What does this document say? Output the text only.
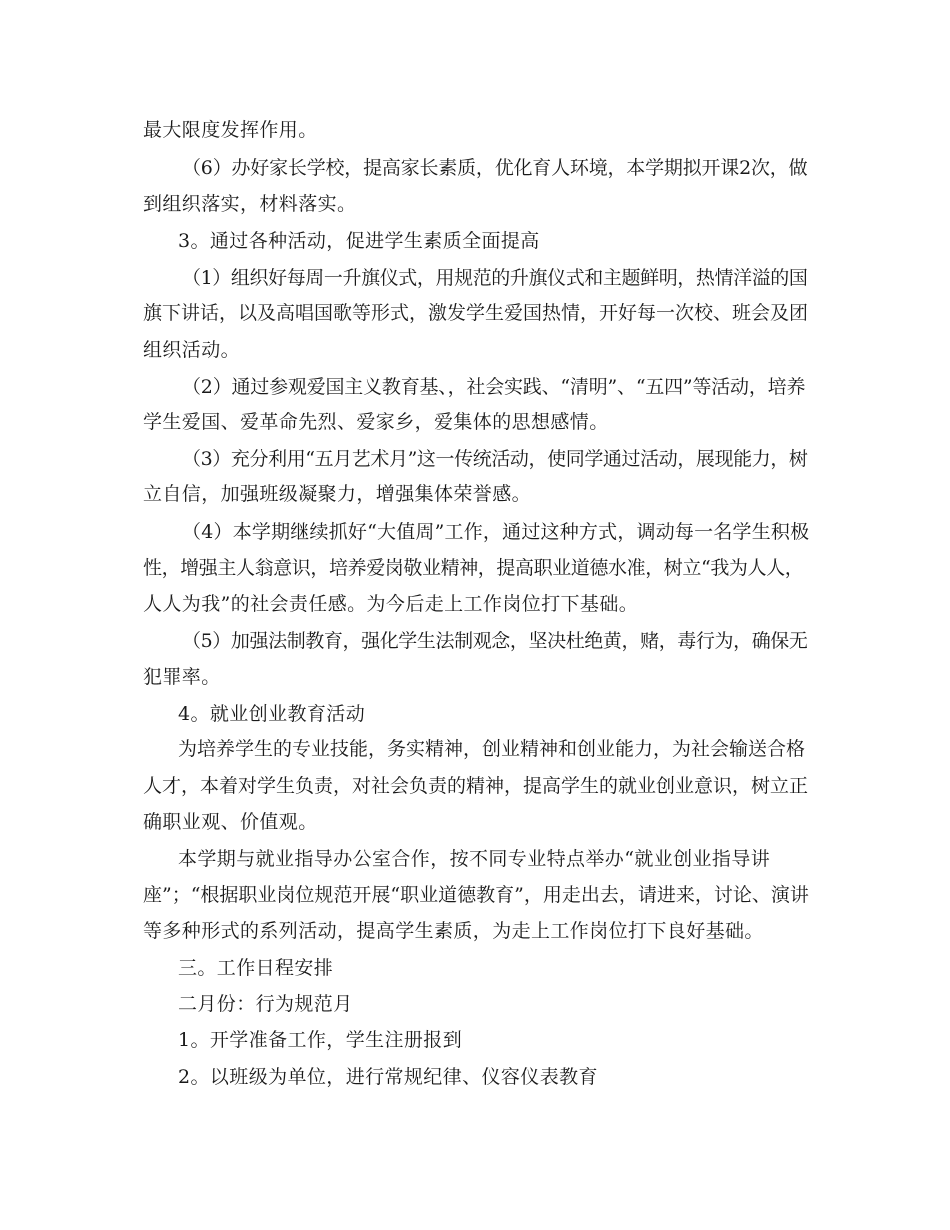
最大限度发挥作用。
（6）办好家长学校，提高家长素质，优化育人环境，本学期拟开课2次，做
到组织落实，材料落实。
3。通过各种活动，促进学生素质全面提高
（1）组织好每周一升旗仪式，用规范的升旗仪式和主题鲜明，热情洋溢的国
旗下讲话，以及高唱国歌等形式，激发学生爱国热情，开好每一次校、班会及团
组织活动。
（2）通过参观爱国主义教育基、，社会实践、“清明”、“五四”等活动，培养
学生爱国、爱革命先烈、爱家乡，爱集体的思想感情。
（3）充分利用“五月艺术月”这一传统活动，使同学通过活动，展现能力，树
立自信，加强班级凝聚力，增强集体荣誉感。
（4）本学期继续抓好“大值周”工作，通过这种方式，调动每一名学生积极
性，增强主人翁意识，培养爱岗敬业精神，提高职业道德水准，树立“我为人人，
人人为我”的社会责任感。为今后走上工作岗位打下基础。
（5）加强法制教育，强化学生法制观念，坚决杜绝黄，赌，毒行为，确保无
犯罪率。
4。就业创业教育活动
为培养学生的专业技能，务实精神，创业精神和创业能力，为社会输送合格
人才，本着对学生负责，对社会负责的精神，提高学生的就业创业意识，树立正
确职业观、价值观。
本学期与就业指导办公室合作，按不同专业特点举办“就业创业指导讲
座”；“根据职业岗位规范开展“职业道德教育”，用走出去，请进来，讨论、演讲
等多种形式的系列活动，提高学生素质，为走上工作岗位打下良好基础。
三。工作日程安排
二月份：行为规范月
1。开学准备工作，学生注册报到
2。以班级为单位，进行常规纪律、仪容仪表教育
